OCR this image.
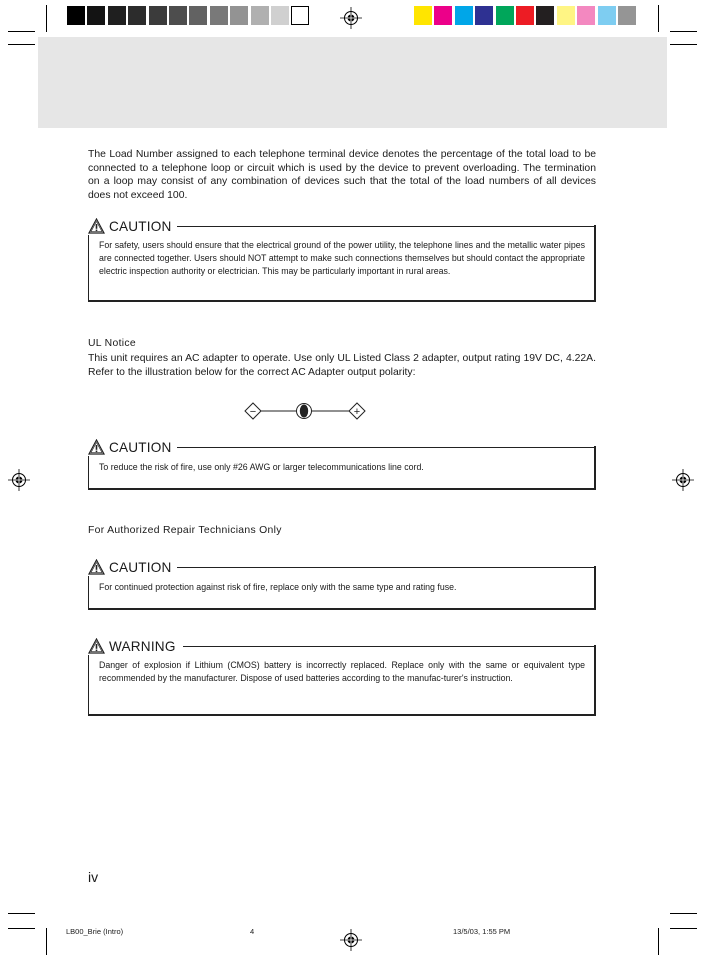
The Load Number assigned to each telephone terminal device denotes the percentage of the total load to be connected to a telephone loop or circuit which is used by the device to prevent overloading. The termination on a loop may consist of any combination of devices such that the total of the load numbers of all devices does not exceed 100.

CAUTION

For safety, users should ensure that the electrical ground of the power utility, the telephone lines and the metallic water pipes are connected together. Users should NOT attempt to make such connections themselves but should contact the appropriate electric inspection authority or electrician. This may be particularly important in rural areas.

UL Notice

This unit requires an AC adapter to operate. Use only UL Listed Class 2 adapter, output rating 19V DC, 4.22A. Refer to the illustration below for the correct AC Adapter output polarity:

−	+
CAUTION

To reduce the risk of fire, use only #26 AWG or larger telecommunications line cord.

For Authorized Repair Technicians Only
CAUTION

For continued protection against risk of fire, replace only with the same type and rating fuse.

WARNING

Danger of explosion if Lithium (CMOS) battery is incorrectly replaced. Replace only with the same or equivalent type recommended by the manufacturer. Dispose of used batteries according to the manufac-turer's instruction.

iv
LB00_Brie (Intro)	4	13/5/03, 1:55 PM
